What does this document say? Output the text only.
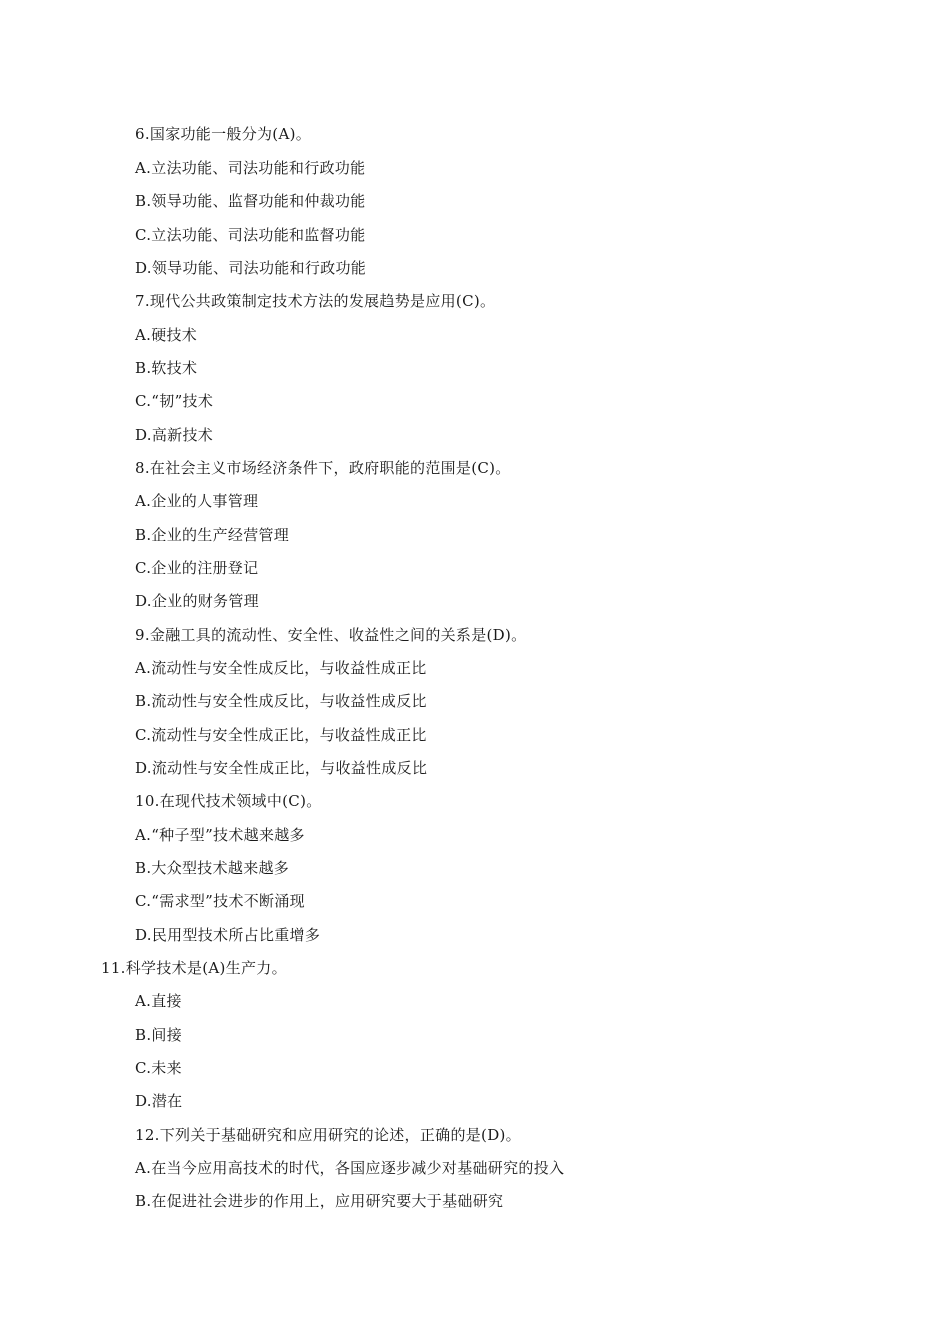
6.国家功能一般分为(A)。
A.立法功能、司法功能和行政功能
B.领导功能、监督功能和仲裁功能
C.立法功能、司法功能和监督功能
D.领导功能、司法功能和行政功能
7.现代公共政策制定技术方法的发展趋势是应用(C)。
A.硬技术
B.软技术
C.“韧”技术
D.高新技术
8.在社会主义市场经济条件下，政府职能的范围是(C)。
A.企业的人事管理
B.企业的生产经营管理
C.企业的注册登记
D.企业的财务管理
9.金融工具的流动性、安全性、收益性之间的关系是(D)。
A.流动性与安全性成反比，与收益性成正比
B.流动性与安全性成反比，与收益性成反比
C.流动性与安全性成正比，与收益性成正比
D.流动性与安全性成正比，与收益性成反比
10.在现代技术领域中(C)。
A.“种子型”技术越来越多
B.大众型技术越来越多
C.“需求型”技术不断涌现
D.民用型技术所占比重增多
11.科学技术是(A)生产力。
A.直接
B.间接
C.未来
D.潜在
12.下列关于基础研究和应用研究的论述，正确的是(D)。
A.在当今应用高技术的时代，各国应逐步减少对基础研究的投入
B.在促进社会进步的作用上，应用研究要大于基础研究
